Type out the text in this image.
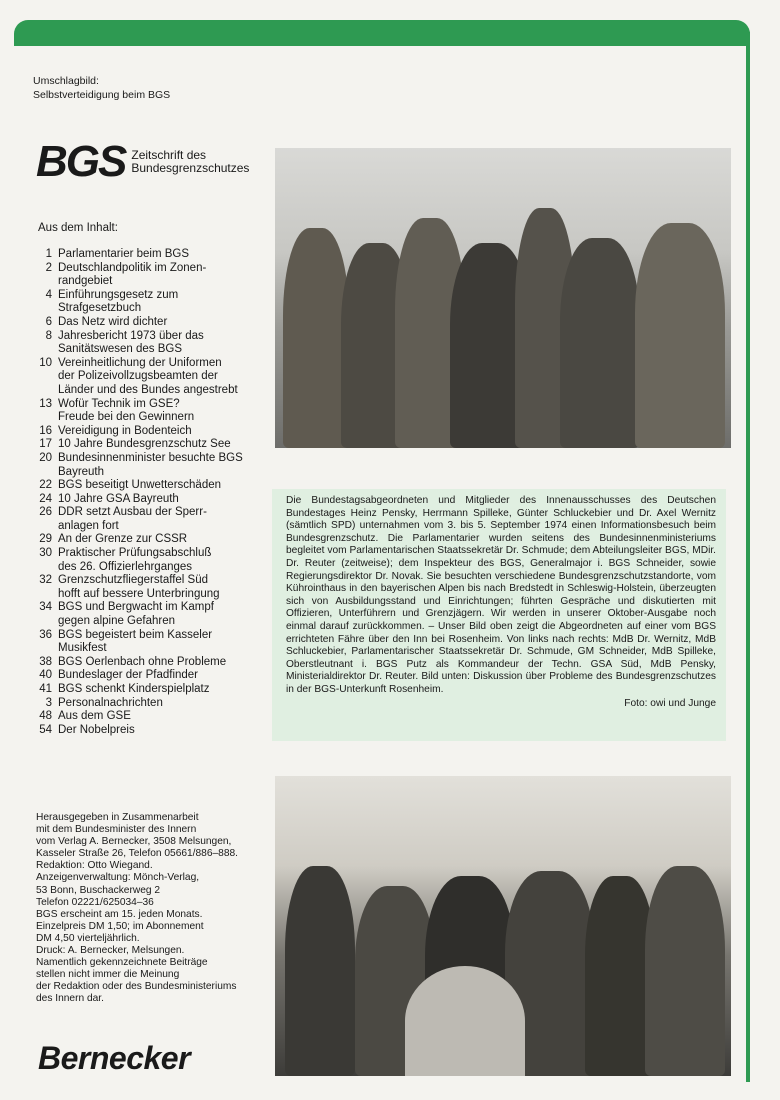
Umschlagbild:
Selbstverteidigung beim BGS
BGS Zeitschrift des
Bundesgrenzschutzes
Aus dem Inhalt:
1 Parlamentarier beim BGS
2 Deutschlandpolitik im Zonen-
randgebiet
4 Einführungsgesetz zum
Strafgesetzbuch
6 Das Netz wird dichter
8 Jahresbericht 1973 über das
Sanitätswesen des BGS
10 Vereinheitlichung der Uniformen
der Polizeivollzugsbeamten der
Länder und des Bundes angestrebt
13 Wofür Technik im GSE?
Freude bei den Gewinnern
16 Vereidigung in Bodenteich
17 10 Jahre Bundesgrenzschutz See
20 Bundesinnenminister besuchte BGS
Bayreuth
22 BGS beseitigt Unwetterschäden
24 10 Jahre GSA Bayreuth
26 DDR setzt Ausbau der Sperr-
anlagen fort
29 An der Grenze zur CSSR
30 Praktischer Prüfungsabschluß
des 26. Offizierlehrganges
32 Grenzschutzfliegerstaffel Süd
hofft auf bessere Unterbringung
34 BGS und Bergwacht im Kampf
gegen alpine Gefahren
36 BGS begeistert beim Kasseler
Musikfest
38 BGS Oerlenbach ohne Probleme
40 Bundeslager der Pfadfinder
41 BGS schenkt Kinderspielplatz
3 Personalnachrichten
48 Aus dem GSE
54 Der Nobelpreis
Die Bundestagsabgeordneten und Mitglieder des Innenausschusses des Deutschen Bundestages Heinz Pensky, Herrmann Spilleke, Günter Schluckebier und Dr. Axel Wernitz (sämtlich SPD) unternahmen vom 3. bis 5. September 1974 einen Informationsbesuch beim Bundesgrenzschutz. Die Parlamentarier wurden seitens des Bundesinnenministeriums begleitet vom Parlamentarischen Staatssekretär Dr. Schmude; dem Abteilungsleiter BGS, MDir. Dr. Reuter (zeitweise); dem Inspekteur des BGS, Generalmajor i. BGS Schneider, sowie Regierungsdirektor Dr. Novak. Sie besuchten verschiedene Bundesgrenzschutzstandorte, vom Kührointhaus in den bayerischen Alpen bis nach Bredstedt in Schleswig-Holstein, überzeugten sich von Ausbildungsstand und Einrichtungen; führten Gespräche und diskutierten mit Offizieren, Unterführern und Grenzjägern. Wir werden in unserer Oktober-Ausgabe noch einmal darauf zurückkommen. – Unser Bild oben zeigt die Abgeordneten auf einer vom BGS errichteten Fähre über den Inn bei Rosenheim. Von links nach rechts: MdB Dr. Wernitz, MdB Schluckebier, Parlamentarischer Staatssekretär Dr. Schmude, GM Schneider, MdB Spilleke, Oberstleutnant i. BGS Putz als Kommandeur der Techn. GSA Süd, MdB Pensky, Ministerialdirektor Dr. Reuter. Bild unten: Diskussion über Probleme des Bundesgrenzschutzes in der BGS-Unterkunft Rosenheim.
Foto: owi und Junge
Herausgegeben in Zusammenarbeit
mit dem Bundesminister des Innern
vom Verlag A. Bernecker, 3508 Melsungen,
Kasseler Straße 26, Telefon 05661/886–888.
Redaktion: Otto Wiegand.
Anzeigenverwaltung: Mönch-Verlag,
53 Bonn, Buschackerweg 2
Telefon 02221/625034–36
BGS erscheint am 15. jeden Monats.
Einzelpreis DM 1,50; im Abonnement
DM 4,50 vierteljährlich.
Druck: A. Bernecker, Melsungen.
Namentlich gekennzeichnete Beiträge
stellen nicht immer die Meinung
der Redaktion oder des Bundesministeriums
des Innern dar.
Bernecker
